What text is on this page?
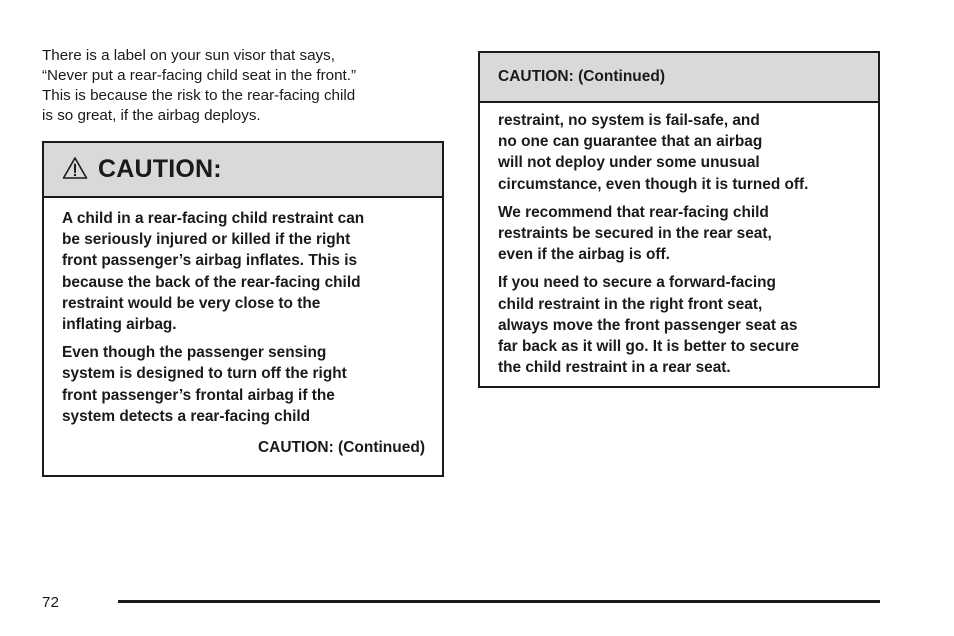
There is a label on your sun visor that says,
“Never put a rear-facing child seat in the front.”
This is because the risk to the rear-facing child
is so great, if the airbag deploys.
CAUTION:

A child in a rear-facing child restraint can
be seriously injured or killed if the right
front passenger’s airbag inflates. This is
because the back of the rear-facing child
restraint would be very close to the
inflating airbag.

Even though the passenger sensing
system is designed to turn off the right
front passenger’s frontal airbag if the
system detects a rear-facing child

CAUTION: (Continued)
CAUTION: (Continued)

restraint, no system is fail-safe, and
no one can guarantee that an airbag
will not deploy under some unusual
circumstance, even though it is turned off.

We recommend that rear-facing child
restraints be secured in the rear seat,
even if the airbag is off.

If you need to secure a forward-facing
child restraint in the right front seat,
always move the front passenger seat as
far back as it will go. It is better to secure
the child restraint in a rear seat.

72
